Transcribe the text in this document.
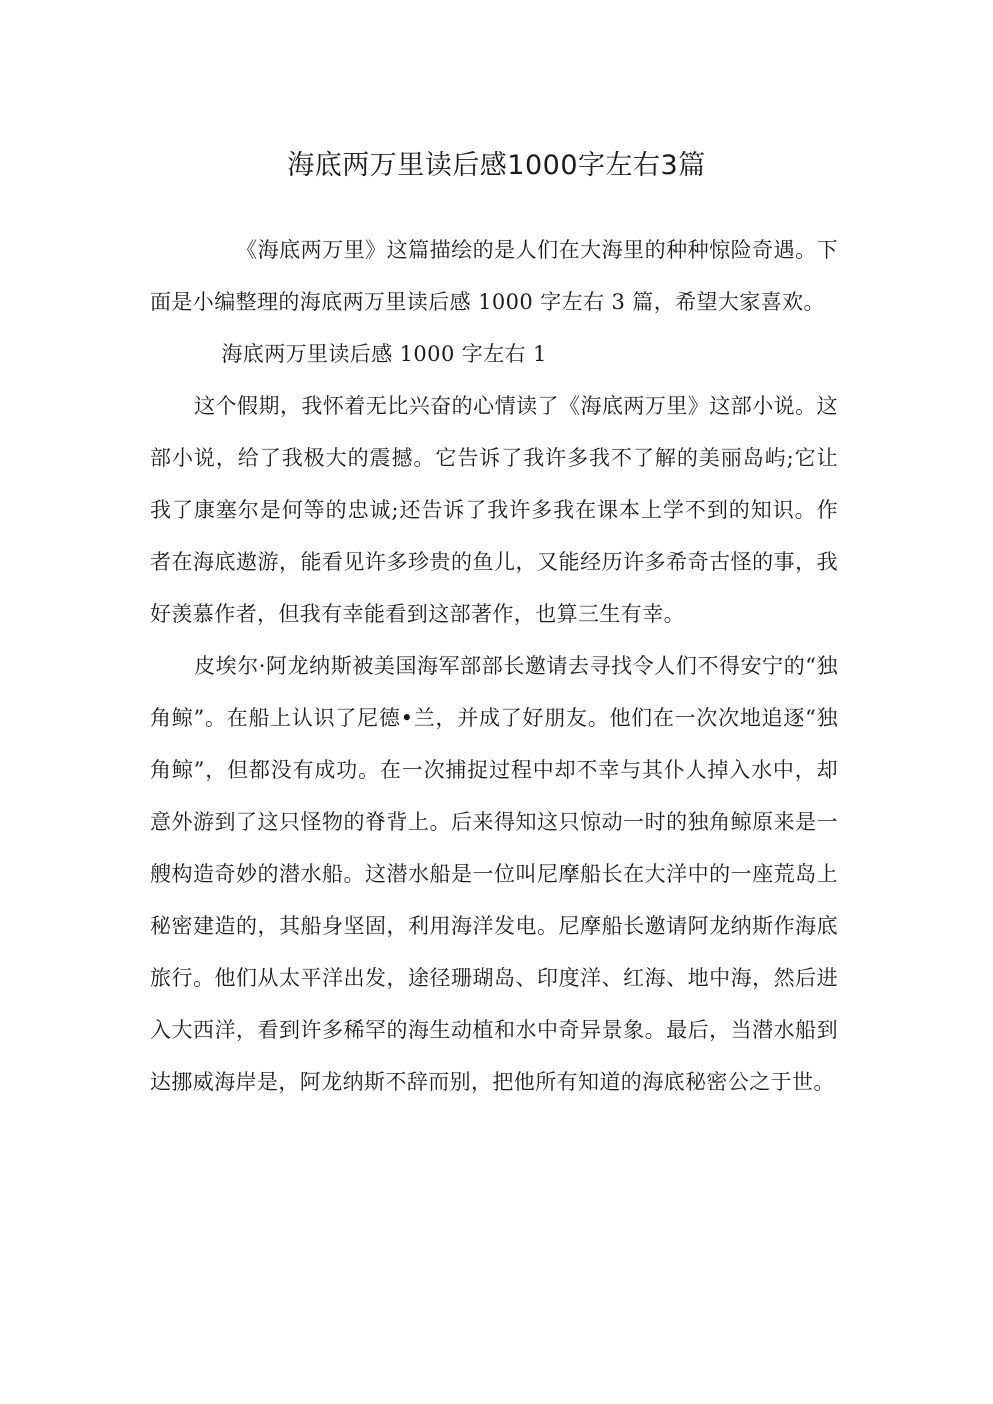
海底两万里读后感1000字左右3篇

《海底两万里》这篇描绘的是人们在大海里的种种惊险奇遇。下面是小编整理的海底两万里读后感 1000 字左右 3 篇，希望大家喜欢。

海底两万里读后感 1000 字左右 1

这个假期，我怀着无比兴奋的心情读了《海底两万里》这部小说。这部小说，给了我极大的震撼。它告诉了我许多我不了解的美丽岛屿;它让我了康塞尔是何等的忠诚;还告诉了我许多我在课本上学不到的知识。作者在海底遨游，能看见许多珍贵的鱼儿，又能经历许多希奇古怪的事，我好羡慕作者，但我有幸能看到这部著作，也算三生有幸。

皮埃尔·阿龙纳斯被美国海军部部长邀请去寻找令人们不得安宁的“独角鲸”。在船上认识了尼德•兰，并成了好朋友。他们在一次次地追逐“独角鲸”，但都没有成功。在一次捕捉过程中却不幸与其仆人掉入水中，却意外游到了这只怪物的脊背上。后来得知这只惊动一时的独角鲸原来是一艘构造奇妙的潜水船。这潜水船是一位叫尼摩船长在大洋中的一座荒岛上秘密建造的，其船身坚固，利用海洋发电。尼摩船长邀请阿龙纳斯作海底旅行。他们从太平洋出发，途径珊瑚岛、印度洋、红海、地中海，然后进入大西洋，看到许多稀罕的海生动植和水中奇异景象。最后，当潜水船到达挪威海岸是，阿龙纳斯不辞而别，把他所有知道的海底秘密公之于世。
